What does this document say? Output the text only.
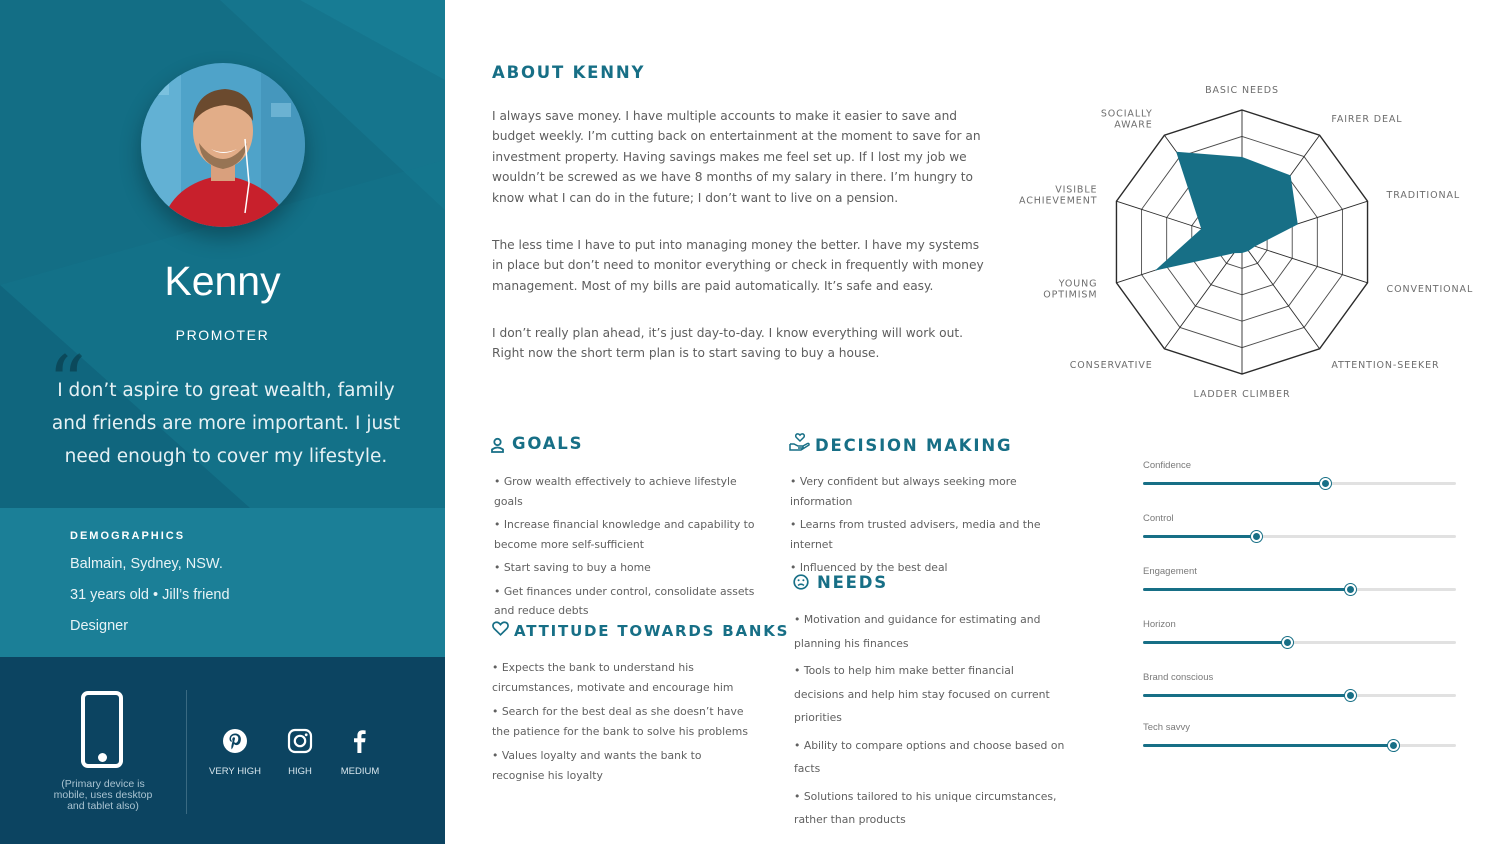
Kenny
PROMOTER
“
I don’t aspire to great wealth, family and friends are more important. I just need enough to cover my lifestyle.
DEMOGRAPHICS
Balmain, Sydney, NSW.
31 years old • Jill’s friend
Designer
(Primary device is mobile, uses desktop and tablet also)
VERY HIGH	HIGH	MEDIUM
ABOUT KENNY

I always save money. I have multiple accounts to make it easier to save and budget weekly. I’m cutting back on entertainment at the moment to save for an investment property. Having savings makes me feel set up. If I lost my job we wouldn’t be screwed as we have 8 months of my salary in there. I’m hungry to know what I can do in the future; I don’t want to live on a pension.

The less time I have to put into managing money the better. I have my systems in place but don’t need to monitor everything or check in frequently with money management. Most of my bills are paid automatically. It’s safe and easy.

I don’t really plan ahead, it’s just day-to-day. I know everything will work out. Right now the short term plan is to start saving to buy a house.

BASIC NEEDS
FAIRER DEAL
TRADITIONAL
CONVENTIONAL
ATTENTION-SEEKER
LADDER CLIMBER
CONSERVATIVE
YOUNG OPTIMISM
VISIBLE ACHIEVEMENT
SOCIALLY AWARE
GOALS
• Grow wealth effectively to achieve lifestyle goals
• Increase financial knowledge and capability to become more self-sufficient
• Start saving to buy a home
• Get finances under control, consolidate assets and reduce debts
ATTITUDE TOWARDS BANKS
• Expects the bank to understand his circumstances, motivate and encourage him
• Search for the best deal as she doesn’t have the patience for the bank to solve his problems
• Values loyalty and wants the bank to recognise his loyalty
DECISION MAKING
• Very confident but always seeking more information
• Learns from trusted advisers, media and the internet
• Influenced by the best deal
NEEDS
• Motivation and guidance for estimating and planning his finances
• Tools to help him make better financial decisions and help him stay focused on current priorities
• Ability to compare options and choose based on facts
• Solutions tailored to his unique circumstances, rather than products
Confidence
Control
Engagement
Horizon
Brand conscious
Tech savvy
